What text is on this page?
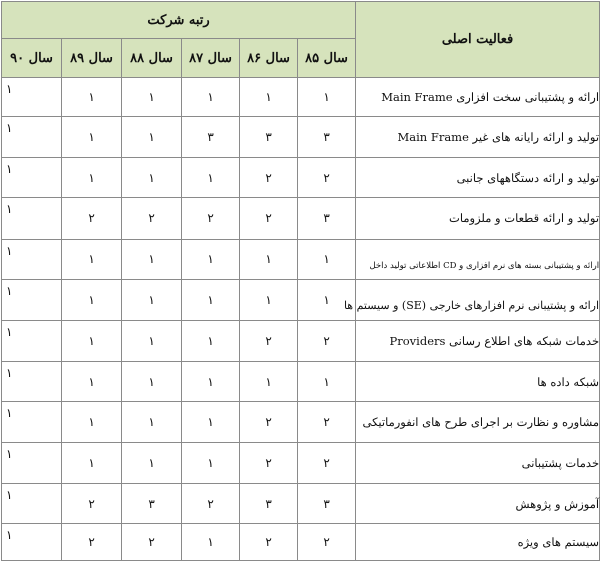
فعالیت اصلی	رتبه شرکت					
	سال ۸۵	سال ۸۶	سال ۸۷	سال ۸۸	سال ۸۹	سال ۹۰
ارائه و پشتیبانی سخت افزاری Main Frame	۱	۱	۱	۱	۱	۱
تولید و ارائه رایانه های غیر Main Frame	۳	۳	۳	۱	۱	۱
تولید و ارائه دستگاههای جانبی	۲	۲	۱	۱	۱	۱
تولید و ارائه قطعات و ملزومات	۳	۲	۲	۲	۲	۱
ارائه و پشتیبانی بسته های نرم افزاری و CD اطلاعاتی تولید داخل	۱	۱	۱	۱	۱	۱
ارائه و پشتیبانی نرم افزارهای خارجی (SE) و سیستم ها	۱	۱	۱	۱	۱	۱
خدمات شبکه های اطلاع رسانی Providers	۲	۲	۱	۱	۱	۱
شبکه داده ها	۱	۱	۱	۱	۱	۱
مشاوره و نظارت بر اجرای طرح های انفورماتیکی	۲	۲	۱	۱	۱	۱
خدمات پشتیبانی	۲	۲	۱	۱	۱	۱
آموزش و پژوهش	۳	۳	۲	۳	۲	۱
سیستم های ویژه	۲	۲	۱	۲	۲	۱
